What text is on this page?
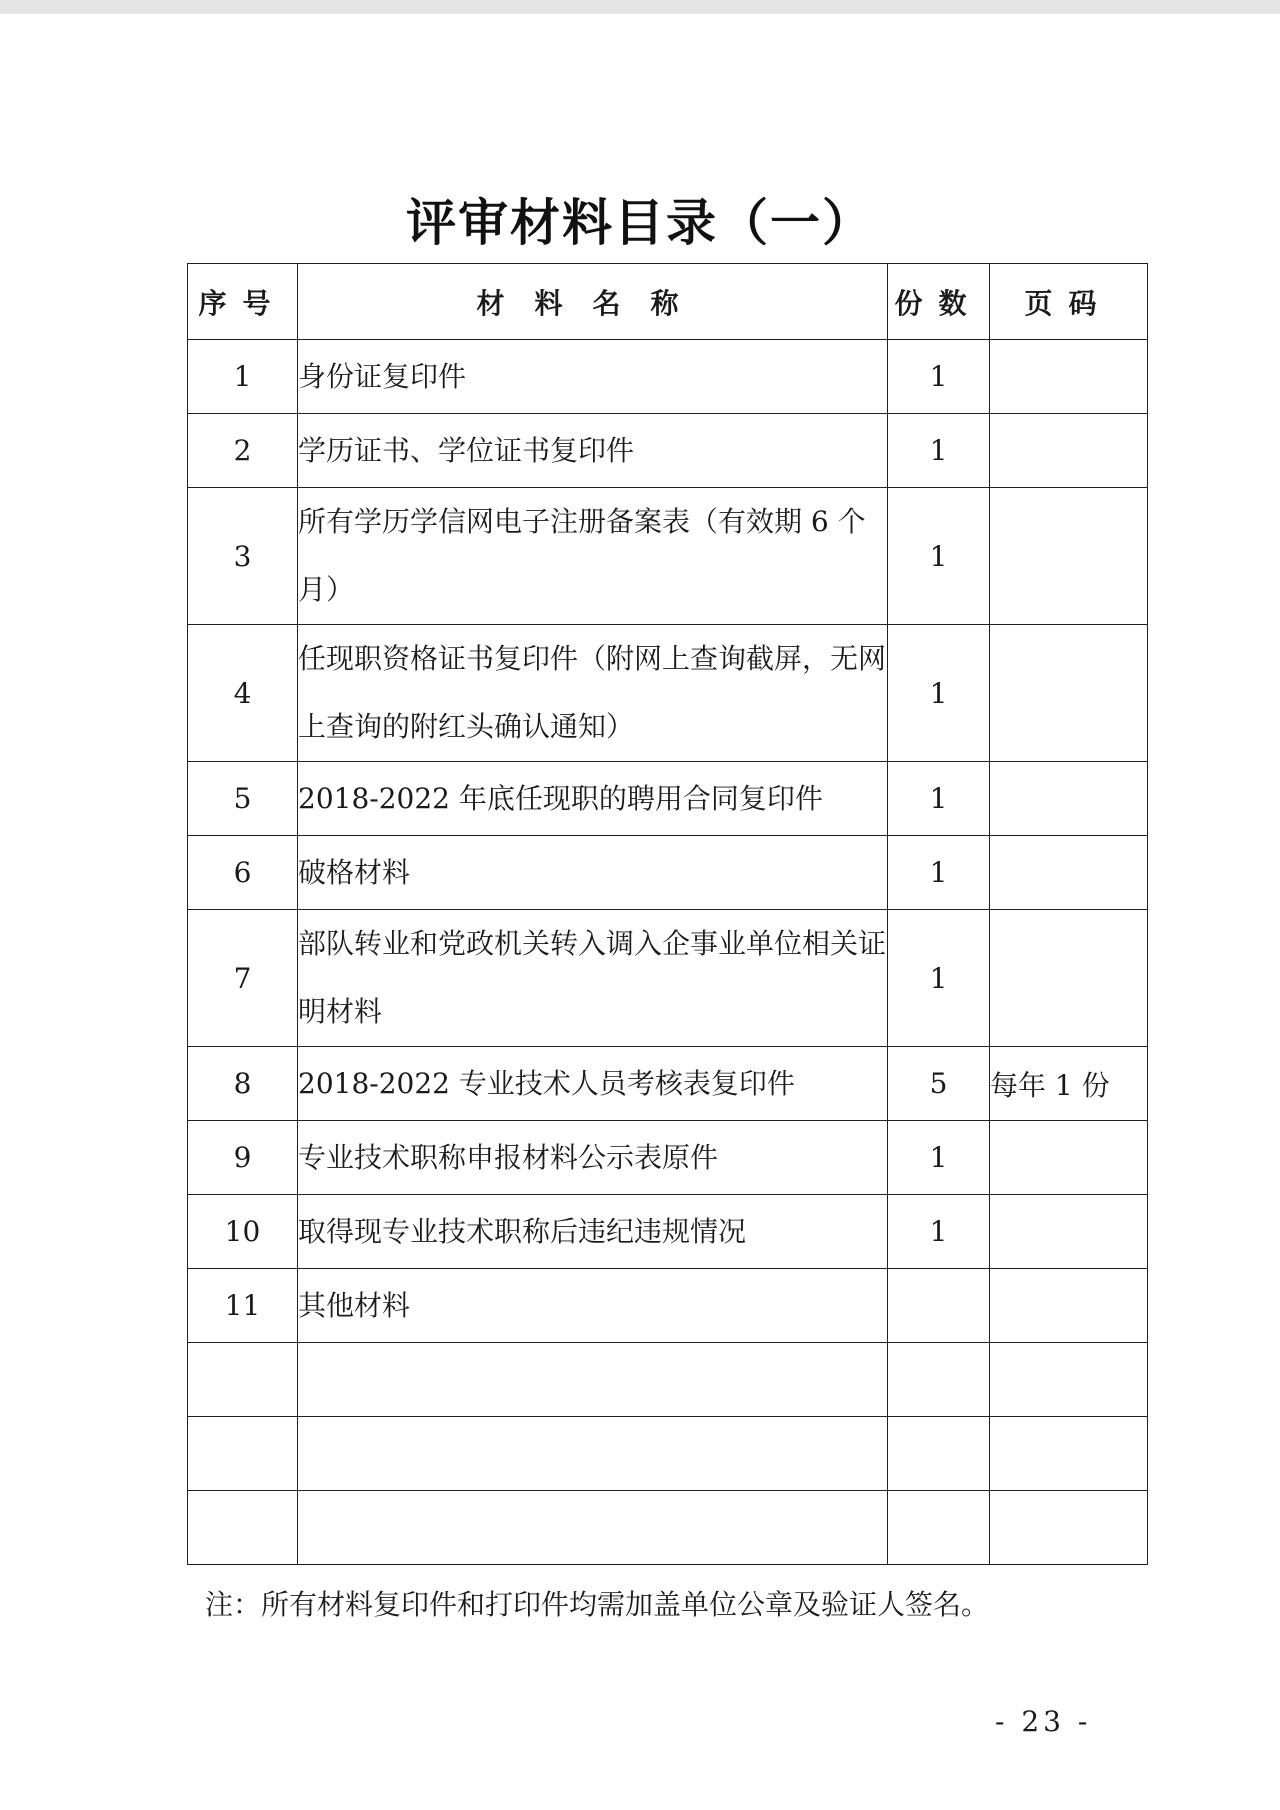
评审材料目录（一）
序号	材料名称	份数	页码
1	身份证复印件	1	
2	学历证书、学位证书复印件	1	
3	所有学历学信网电子注册备案表（有效期 6 个月）	1	
4	任现职资格证书复印件（附网上查询截屏，无网上查询的附红头确认通知）	1	
5	2018-2022 年底任现职的聘用合同复印件	1	
6	破格材料	1	
7	部队转业和党政机关转入调入企事业单位相关证明材料	1	
8	2018-2022 专业技术人员考核表复印件	5	每年 1 份
9	专业技术职称申报材料公示表原件	1	
10	取得现专业技术职称后违纪违规情况	1	
11	其他材料		

注：所有材料复印件和打印件均需加盖单位公章及验证人签名。
- 23 -
